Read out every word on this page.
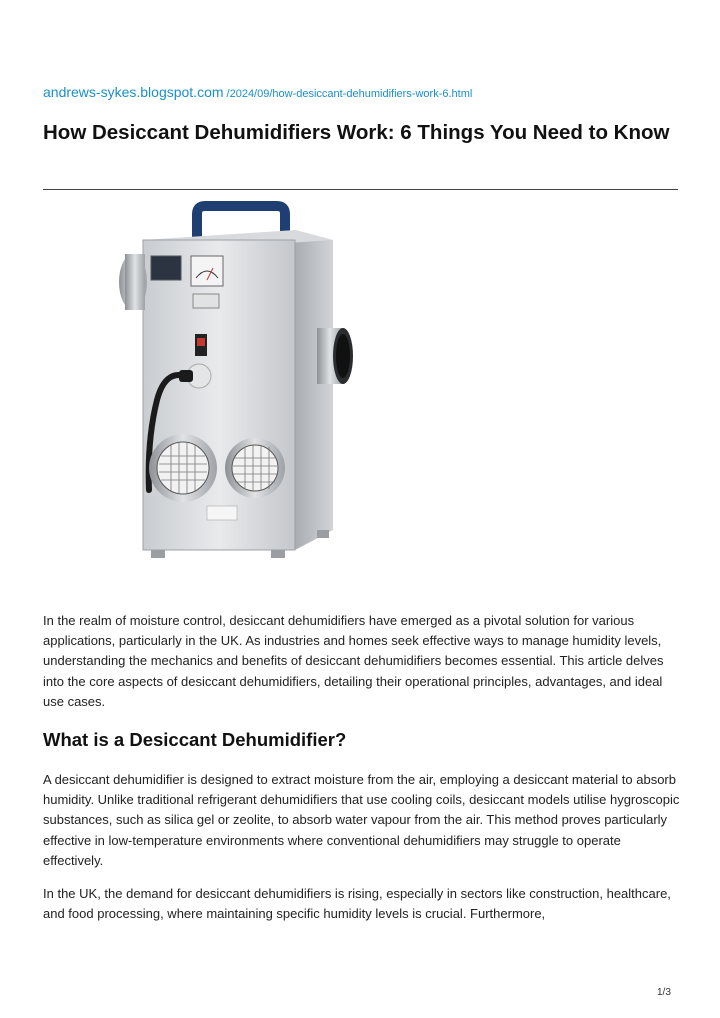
andrews-sykes.blogspot.com /2024/09/how-desiccant-dehumidifiers-work-6.html
How Desiccant Dehumidifiers Work: 6 Things You Need to Know

In the realm of moisture control, desiccant dehumidifiers have emerged as a pivotal solution for various applications, particularly in the UK. As industries and homes seek effective ways to manage humidity levels, understanding the mechanics and benefits of desiccant dehumidifiers becomes essential. This article delves into the core aspects of desiccant dehumidifiers, detailing their operational principles, advantages, and ideal use cases.

What is a Desiccant Dehumidifier?

A desiccant dehumidifier is designed to extract moisture from the air, employing a desiccant material to absorb humidity. Unlike traditional refrigerant dehumidifiers that use cooling coils, desiccant models utilise hygroscopic substances, such as silica gel or zeolite, to absorb water vapour from the air. This method proves particularly effective in low-temperature environments where conventional dehumidifiers may struggle to operate effectively.

In the UK, the demand for desiccant dehumidifiers is rising, especially in sectors like construction, healthcare, and food processing, where maintaining specific humidity levels is crucial. Furthermore,

1/3
